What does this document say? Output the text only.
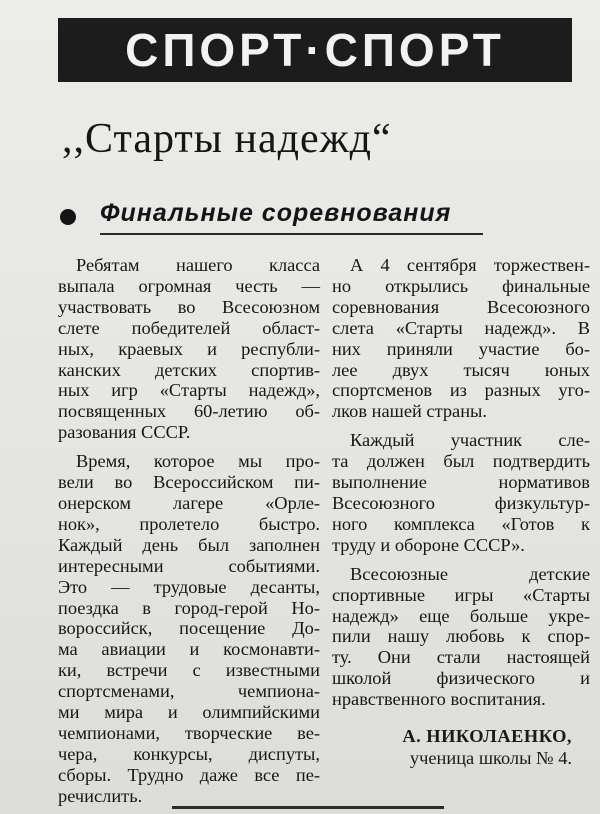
СПОРТ·СПОРТ
,,Старты надежд“
Финальные соревнования

Ребятам нашего класса
выпала огромная честь —
участвовать во Всесоюзном
слете победителей област-
ных, краевых и республи-
канских детских спортив-
ных игр «Старты надежд»,
посвященных 60-летию об-
разования СССР.

Время, которое мы про-
вели во Всероссийском пи-
онерском лагере «Орле-
нок», пролетело быстро.
Каждый день был заполнен
интересными событиями.
Это — трудовые десанты,
поездка в город-герой Но-
вороссийск, посещение До-
ма авиации и космонавти-
ки, встречи с известными
спортсменами, чемпиона-
ми мира и олимпийскими
чемпионами, творческие ве-
чера, конкурсы, диспуты,
сборы. Трудно даже все пе-
речислить.

А 4 сентября торжествен-
но открылись финальные
соревнования Всесоюзного
слета «Старты надежд». В
них приняли участие бо-
лее двух тысяч юных
спортсменов из разных уго-
лков нашей страны.

Каждый участник сле-
та должен был подтвердить
выполнение нормативов
Всесоюзного физкультур-
ного комплекса «Готов к
труду и обороне СССР».

Всесоюзные детские
спортивные игры «Старты
надежд» еще больше укре-
пили нашу любовь к спор-
ту. Они стали настоящей
школой физического и
нравственного воспитания.

А. НИКОЛАЕНКО,
ученица школы № 4.
